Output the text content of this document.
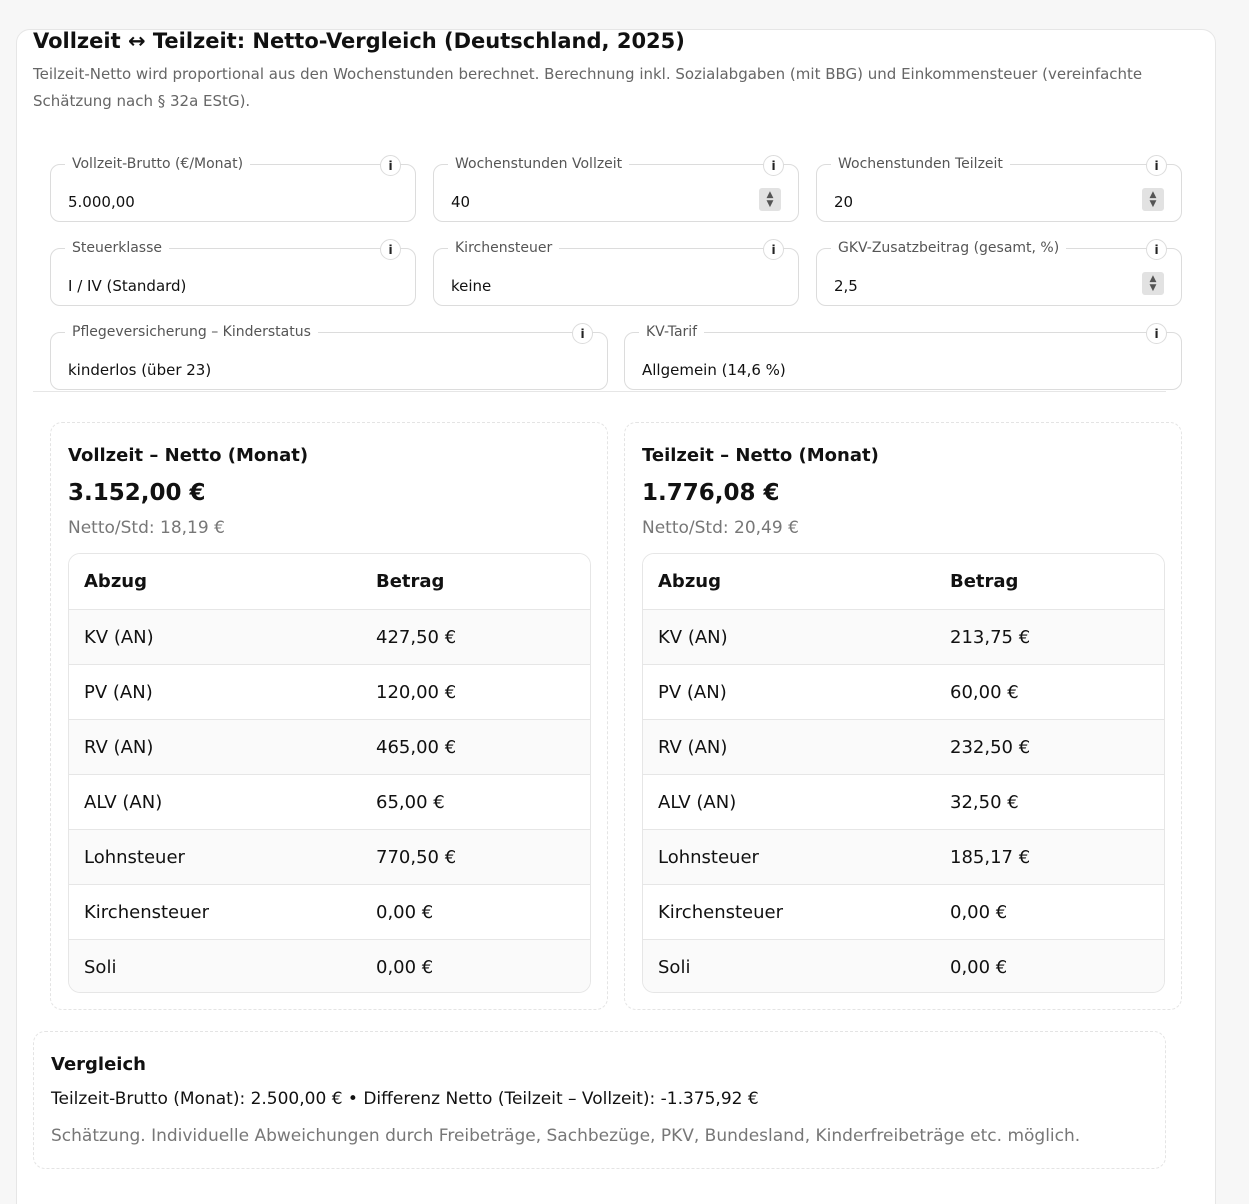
Vollzeit ↔ Teilzeit: Netto-Vergleich (Deutschland, 2025)
Teilzeit-Netto wird proportional aus den Wochenstunden berechnet. Berechnung inkl. Sozialabgaben (mit BBG) und Einkommensteuer (vereinfachte Schätzung nach § 32a EStG).
Vollzeit-Brutto (€/Monat)
5.000,00
i	Wochenstunden Vollzeit
40	▲
▼
i	Wochenstunden Teilzeit
20	▲
▼
i
Steuerklasse
I / IV (Standard)
i	Kirchensteuer
keine
i	GKV-Zusatzbeitrag (gesamt, %)
2,5	▲
▼
i
Pflegeversicherung – Kinderstatus
kinderlos (über 23)
i	KV-Tarif
Allgemein (14,6 %)
i
Vollzeit – Netto (Monat)
3.152,00 €
Netto/Std: 18,19 €
Abzug	Betrag
KV (AN)	427,50 €
PV (AN)	120,00 €
RV (AN)	465,00 €
ALV (AN)	65,00 €
Lohnsteuer	770,50 €
Kirchensteuer	0,00 €
Soli	0,00 €
Teilzeit – Netto (Monat)
1.776,08 €
Netto/Std: 20,49 €
Abzug	Betrag
KV (AN)	213,75 €
PV (AN)	60,00 €
RV (AN)	232,50 €
ALV (AN)	32,50 €
Lohnsteuer	185,17 €
Kirchensteuer	0,00 €
Soli	0,00 €
Vergleich
Teilzeit-Brutto (Monat): 2.500,00 € • Differenz Netto (Teilzeit – Vollzeit): -1.375,92 €
Schätzung. Individuelle Abweichungen durch Freibeträge, Sachbezüge, PKV, Bundesland, Kinderfreibeträge etc. möglich.
